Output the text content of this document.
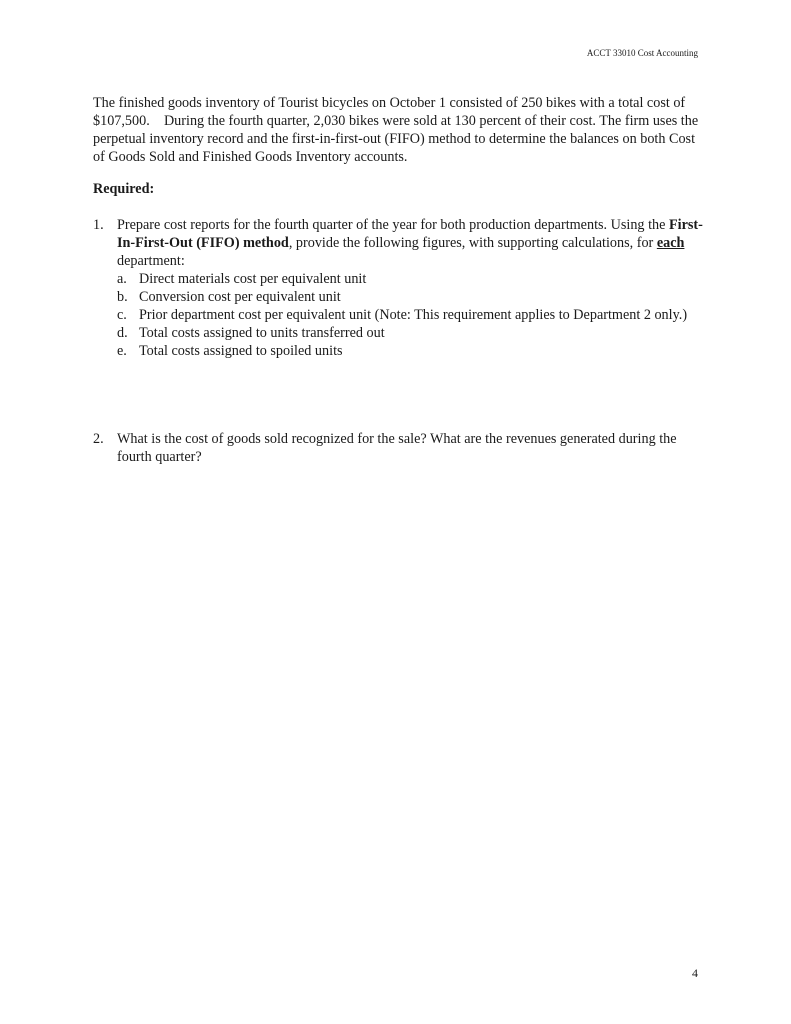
ACCT 33010 Cost Accounting

The finished goods inventory of Tourist bicycles on October 1 consisted of 250 bikes with a total cost of $107,500.    During the fourth quarter, 2,030 bikes were sold at 130 percent of their cost. The firm uses the perpetual inventory record and the first-in-first-out (FIFO) method to determine the balances on both Cost of Goods Sold and Finished Goods Inventory accounts.

Required:
1. Prepare cost reports for the fourth quarter of the year for both production departments. Using the First-In-First-Out (FIFO) method, provide the following figures, with supporting calculations, for each department:
a. Direct materials cost per equivalent unit
b. Conversion cost per equivalent unit
c. Prior department cost per equivalent unit (Note: This requirement applies to Department 2 only.)
d. Total costs assigned to units transferred out
e. Total costs assigned to spoiled units
2. What is the cost of goods sold recognized for the sale? What are the revenues generated during the fourth quarter?
4
